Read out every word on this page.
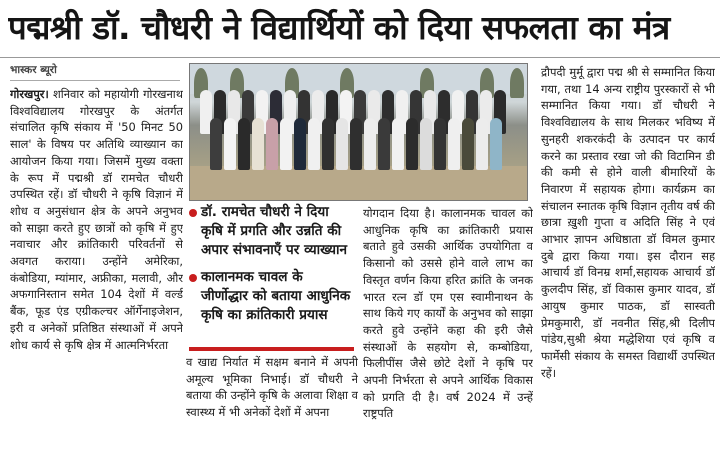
पद्मश्री डॉ. चौधरी ने विद्यार्थियों को दिया सफलता का मंत्र
भास्कर ब्यूरो

गोरखपुर। शनिवार को महायोगी गोरखनाथ विश्वविद्यालय गोरखपुर के अंतर्गत संचालित कृषि संकाय में '50 मिनट 50 साल' के विषय पर अतिथि व्याख्यान का आयोजन किया गया। जिसमें मुख्य वक्ता के रूप में पद्मश्री डॉ रामचेत चौधरी उपस्थित रहें। डॉ चौधरी ने कृषि विज्ञानं में शोध व अनुसंधान क्षेत्र के अपने अनुभव को साझा करते हुए छात्रों को कृषि में हुए नवाचार और क्रांतिकारी परिवर्तनों से अवगत कराया। उन्होंने अमेरिका, कंबोडिया, म्यांमार, अफ्रीका, मलावी, और अफगानिस्तान समेत 104 देशों में वर्ल्ड बैंक, फूड एंड एग्रीकल्चर ऑर्गेनाइजेशन, इरी व अनेकों प्रतिष्ठित संस्थाओं में अपने शोध कार्य से कृषि क्षेत्र में आत्मनिर्भरता

डॉ. रामचेत चौधरी ने दिया कृषि में प्रगति और उन्नति की अपार संभावनाएँ पर व्याख्यान
कालानमक चावल के जीर्णोद्धार को बताया आधुनिक कृषि का क्रांतिकारी प्रयास

व खाद्य निर्यात में सक्षम बनाने में अपनी अमूल्य भूमिका निभाई। डॉ चौधरी ने बताया की उन्होंने कृषि के अलावा शिक्षा व स्वास्थ्य में भी अनेकों देशों में अपना

योगदान दिया है। कालानमक चावल को आधुनिक कृषि का क्रांतिकारी प्रयास बताते हुवे उसकी आर्थिक उपयोगिता व किसानो को उससे होने वाले लाभ का विस्तृत वर्णन किया हरित क्रांति के जनक भारत रत्न डॉ एम एस स्वामीनाथन के साथ किये गए कार्यों के अनुभव को साझा करते हुवे उन्होंने कहा की इरी जैसे संस्थाओं के सहयोग से, कम्बोडिया, फिलीपींस जैसे छोटे देशों ने कृषि पर अपनी निर्भरता से अपने आर्थिक विकास को प्रगति दी है। वर्ष 2024 में उन्हें राष्ट्रपति

द्रौपदी मुर्मू द्वारा पद्म श्री से सम्मानित किया गया, तथा 14 अन्य राष्ट्रीय पुरस्कारों से भी सम्मानित किया गया। डॉ चौधरी ने विश्वविद्यालय के साथ मिलकर भविष्य में सुनहरी शकरकंदी के उत्पादन पर कार्य करने का प्रस्ताव रखा जो की विटामिन डी की कमी से होने वाली बीमारियों के निवारण में सहायक होगा। कार्यक्रम का संचालन स्नातक कृषि विज्ञान तृतीय वर्ष की छात्रा ख़ुशी गुप्ता व अदिति सिंह ने एवं आभार ज्ञापन अधिष्ठाता डॉ विमल कुमार दुबे द्वारा किया गया। इस दौरान सह आचार्य डॉ विनम्र शर्मा,सहायक आचार्य डॉ कुलदीप सिंह, डॉ विकास कुमार यादव, डॉ आयुष कुमार पाठक, डॉ सास्वती प्रेमकुमारी, डॉ नवनीत सिंह,श्री दिलीप पांडेय,सुश्री श्रेया मद्धेशिया एवं कृषि व फार्मेसी संकाय के समस्त विद्यार्थी उपस्थित रहें।
